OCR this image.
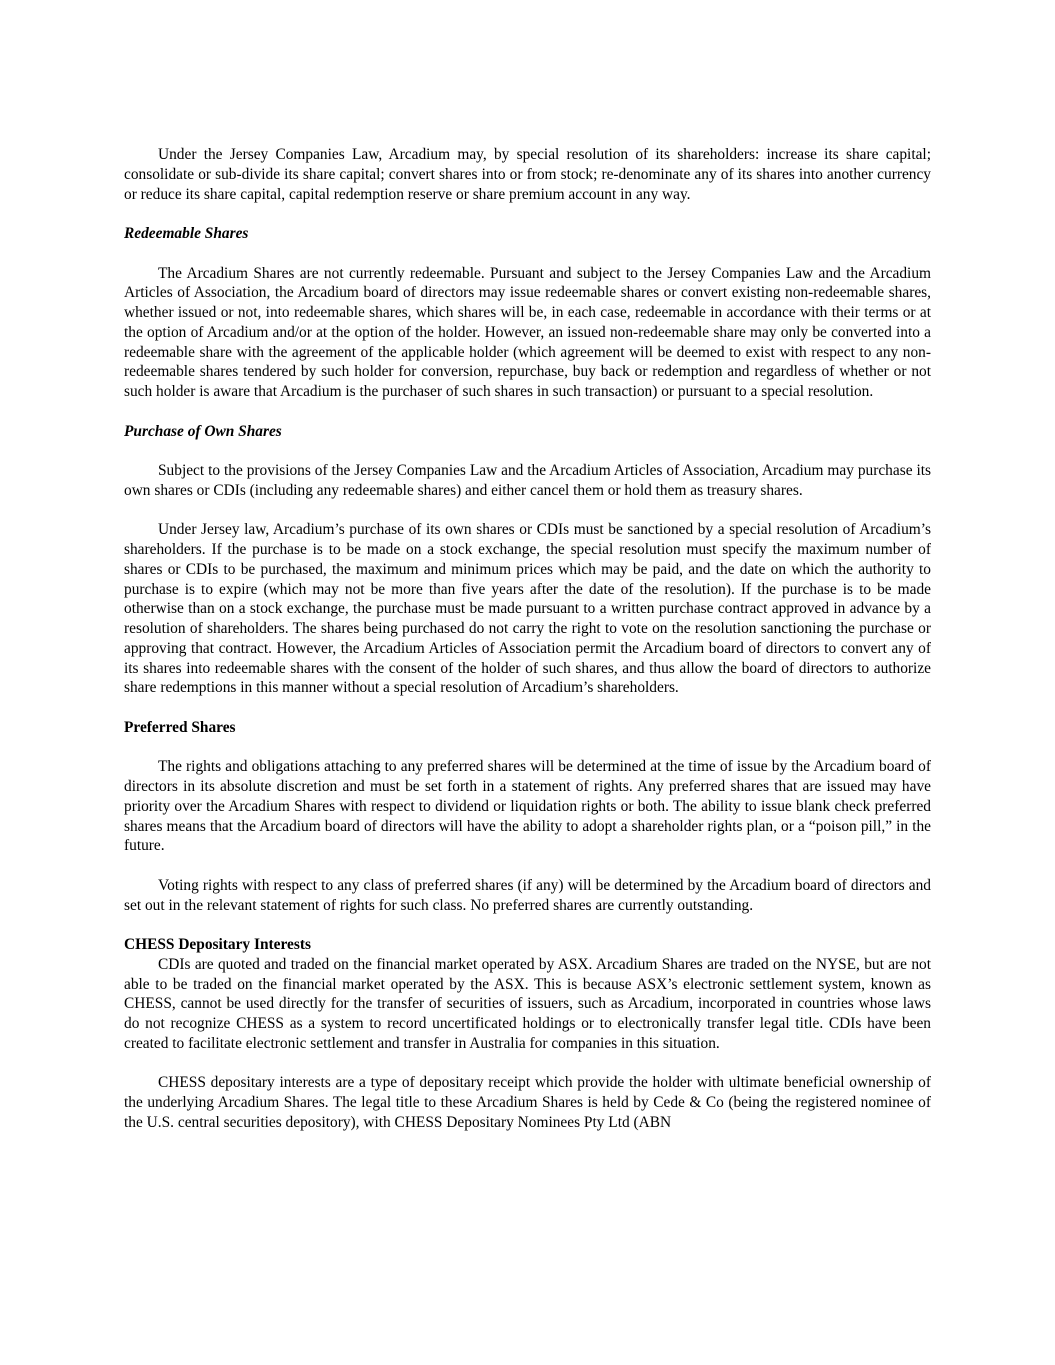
Under the Jersey Companies Law, Arcadium may, by special resolution of its shareholders: increase its share capital; consolidate or sub-divide its share capital; convert shares into or from stock; re-denominate any of its shares into another currency or reduce its share capital, capital redemption reserve or share premium account in any way.

Redeemable Shares

The Arcadium Shares are not currently redeemable. Pursuant and subject to the Jersey Companies Law and the Arcadium Articles of Association, the Arcadium board of directors may issue redeemable shares or convert existing non-redeemable shares, whether issued or not, into redeemable shares, which shares will be, in each case, redeemable in accordance with their terms or at the option of Arcadium and/or at the option of the holder. However, an issued non-redeemable share may only be converted into a redeemable share with the agreement of the applicable holder (which agreement will be deemed to exist with respect to any non-redeemable shares tendered by such holder for conversion, repurchase, buy back or redemption and regardless of whether or not such holder is aware that Arcadium is the purchaser of such shares in such transaction) or pursuant to a special resolution.

Purchase of Own Shares

Subject to the provisions of the Jersey Companies Law and the Arcadium Articles of Association, Arcadium may purchase its own shares or CDIs (including any redeemable shares) and either cancel them or hold them as treasury shares.

Under Jersey law, Arcadium’s purchase of its own shares or CDIs must be sanctioned by a special resolution of Arcadium’s shareholders. If the purchase is to be made on a stock exchange, the special resolution must specify the maximum number of shares or CDIs to be purchased, the maximum and minimum prices which may be paid, and the date on which the authority to purchase is to expire (which may not be more than five years after the date of the resolution). If the purchase is to be made otherwise than on a stock exchange, the purchase must be made pursuant to a written purchase contract approved in advance by a resolution of shareholders. The shares being purchased do not carry the right to vote on the resolution sanctioning the purchase or approving that contract. However, the Arcadium Articles of Association permit the Arcadium board of directors to convert any of its shares into redeemable shares with the consent of the holder of such shares, and thus allow the board of directors to authorize share redemptions in this manner without a special resolution of Arcadium’s shareholders.

Preferred Shares

The rights and obligations attaching to any preferred shares will be determined at the time of issue by the Arcadium board of directors in its absolute discretion and must be set forth in a statement of rights. Any preferred shares that are issued may have priority over the Arcadium Shares with respect to dividend or liquidation rights or both. The ability to issue blank check preferred shares means that the Arcadium board of directors will have the ability to adopt a shareholder rights plan, or a “poison pill,” in the future.

Voting rights with respect to any class of preferred shares (if any) will be determined by the Arcadium board of directors and set out in the relevant statement of rights for such class. No preferred shares are currently outstanding.

CHESS Depositary Interests

CDIs are quoted and traded on the financial market operated by ASX. Arcadium Shares are traded on the NYSE, but are not able to be traded on the financial market operated by the ASX. This is because ASX’s electronic settlement system, known as CHESS, cannot be used directly for the transfer of securities of issuers, such as Arcadium, incorporated in countries whose laws do not recognize CHESS as a system to record uncertificated holdings or to electronically transfer legal title. CDIs have been created to facilitate electronic settlement and transfer in Australia for companies in this situation.

CHESS depositary interests are a type of depositary receipt which provide the holder with ultimate beneficial ownership of the underlying Arcadium Shares. The legal title to these Arcadium Shares is held by Cede & Co (being the registered nominee of the U.S. central securities depository), with CHESS Depositary Nominees Pty Ltd (ABN
